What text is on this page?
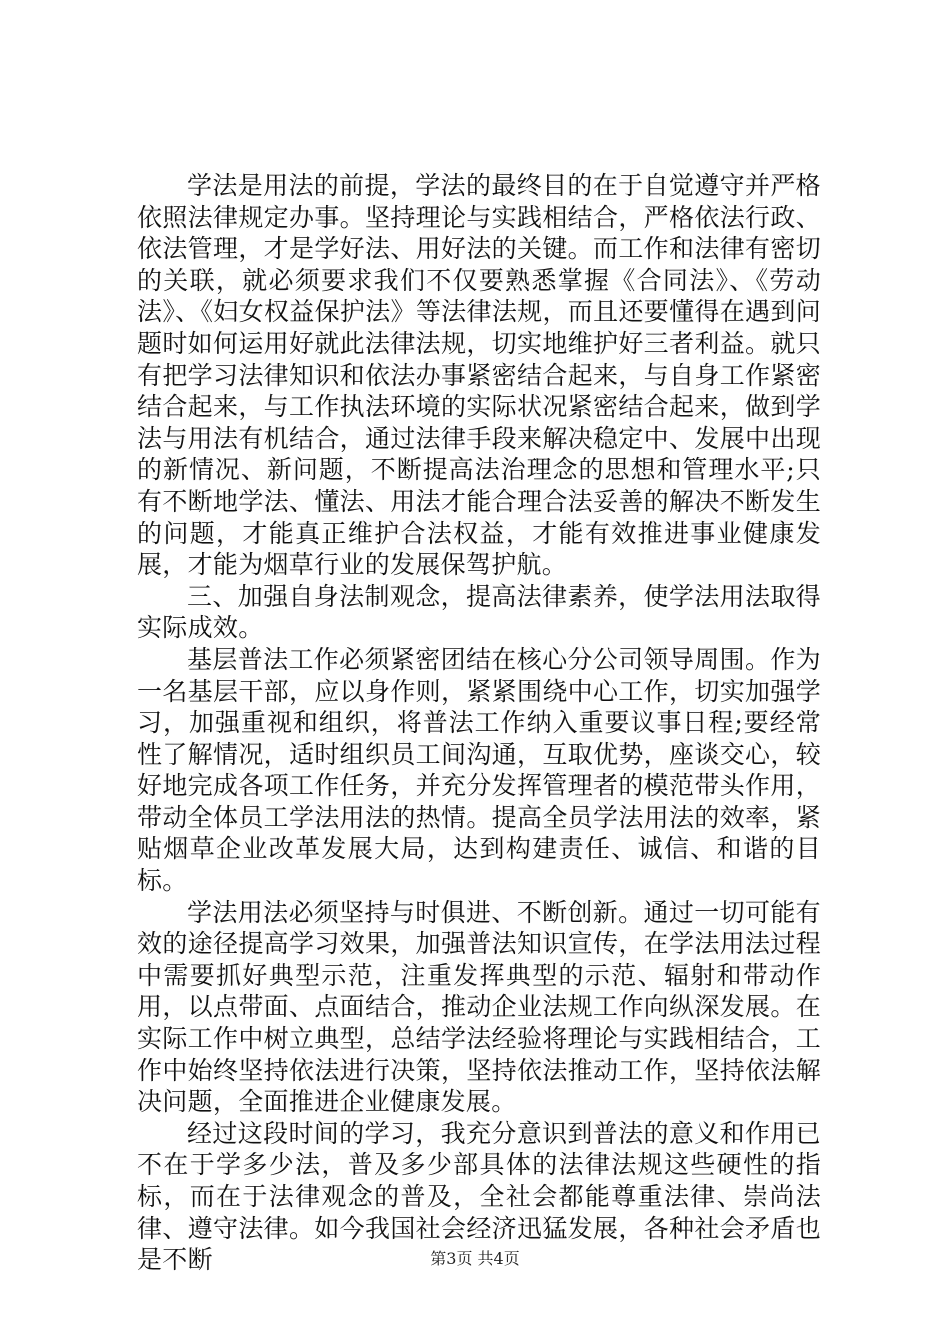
学法是用法的前提，学法的最终目的在于自觉遵守并严格依照法律规定办事。坚持理论与实践相结合，严格依法行政、依法管理，才是学好法、用好法的关键。而工作和法律有密切的关联，就必须要求我们不仅要熟悉掌握《合同法》、《劳动法》、《妇女权益保护法》等法律法规，而且还要懂得在遇到问题时如何运用好就此法律法规，切实地维护好三者利益。就只有把学习法律知识和依法办事紧密结合起来，与自身工作紧密结合起来，与工作执法环境的实际状况紧密结合起来，做到学法与用法有机结合，通过法律手段来解决稳定中、发展中出现的新情况、新问题，不断提高法治理念的思想和管理水平;只有不断地学法、懂法、用法才能合理合法妥善的解决不断发生的问题，才能真正维护合法权益，才能有效推进事业健康发展，才能为烟草行业的发展保驾护航。

三、加强自身法制观念，提高法律素养，使学法用法取得实际成效。

基层普法工作必须紧密团结在核心分公司领导周围。作为一名基层干部，应以身作则，紧紧围绕中心工作，切实加强学习，加强重视和组织，将普法工作纳入重要议事日程;要经常性了解情况，适时组织员工间沟通，互取优势，座谈交心，较好地完成各项工作任务，并充分发挥管理者的模范带头作用，带动全体员工学法用法的热情。提高全员学法用法的效率，紧贴烟草企业改革发展大局，达到构建责任、诚信、和谐的目标。

学法用法必须坚持与时俱进、不断创新。通过一切可能有效的途径提高学习效果，加强普法知识宣传，在学法用法过程中需要抓好典型示范，注重发挥典型的示范、辐射和带动作用，以点带面、点面结合，推动企业法规工作向纵深发展。在实际工作中树立典型，总结学法经验将理论与实践相结合，工作中始终坚持依法进行决策，坚持依法推动工作，坚持依法解决问题，全面推进企业健康发展。

经过这段时间的学习，我充分意识到普法的意义和作用已不在于学多少法，普及多少部具体的法律法规这些硬性的指标，而在于法律观念的普及，全社会都能尊重法律、崇尚法律、遵守法律。如今我国社会经济迅猛发展，各种社会矛盾也是不断	第3页 共4页
